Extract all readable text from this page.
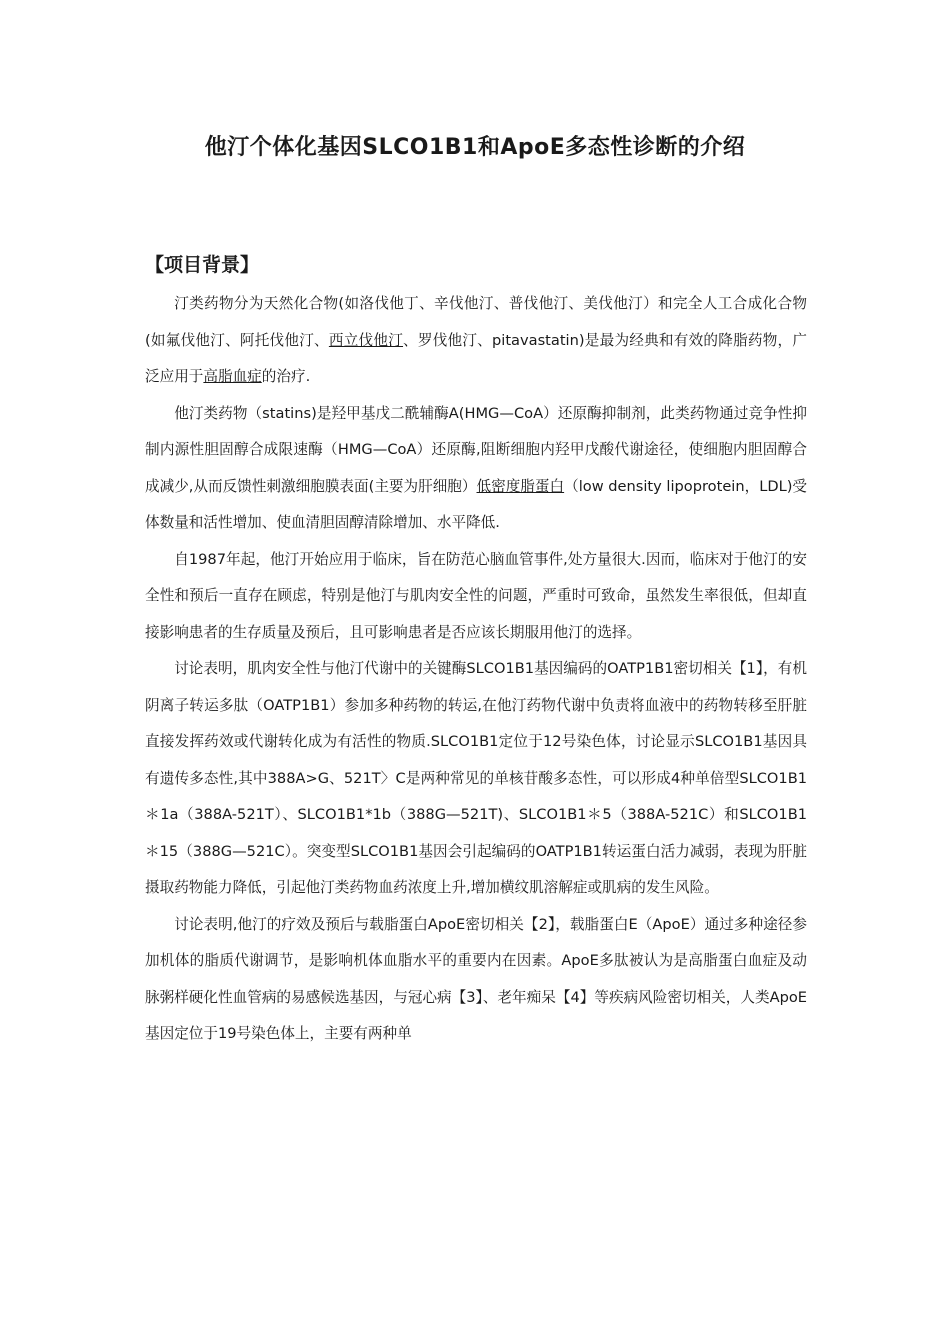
他汀个体化基因SLCO1B1和ApoE多态性诊断的介绍
【项目背景】

汀类药物分为天然化合物(如洛伐他丁、辛伐他汀、普伐他汀、美伐他汀）和完全人工合成化合物(如氟伐他汀、阿托伐他汀、西立伐他汀、罗伐他汀、pitavastatin)是最为经典和有效的降脂药物，广泛应用于高脂血症的治疗.

他汀类药物（statins)是羟甲基戊二酰辅酶A(HMG—CoA）还原酶抑制剂，此类药物通过竞争性抑制内源性胆固醇合成限速酶（HMG—CoA）还原酶,阻断细胞内羟甲戊酸代谢途径，使细胞内胆固醇合成减少,从而反馈性刺激细胞膜表面(主要为肝细胞）低密度脂蛋白（low density lipoprotein，LDL)受体数量和活性增加、使血清胆固醇清除增加、水平降低.

自1987年起，他汀开始应用于临床，旨在防范心脑血管事件,处方量很大.因而，临床对于他汀的安全性和预后一直存在顾虑，特别是他汀与肌肉安全性的问题，严重时可致命，虽然发生率很低，但却直接影响患者的生存质量及预后，且可影响患者是否应该长期服用他汀的选择。

讨论表明，肌肉安全性与他汀代谢中的关键酶SLCO1B1基因编码的OATP1B1密切相关【1】，有机阴离子转运多肽（OATP1B1）参加多种药物的转运,在他汀药物代谢中负责将血液中的药物转移至肝脏直接发挥药效或代谢转化成为有活性的物质.SLCO1B1定位于12号染色体，讨论显示SLCO1B1基因具有遗传多态性,其中388A>G、521T〉C是两种常见的单核苷酸多态性，可以形成4种单倍型SLCO1B1＊1a（388A-521T）、SLCO1B1*1b（388G—521T)、SLCO1B1＊5（388A-521C）和SLCO1B1＊15（388G—521C）。突变型SLCO1B1基因会引起编码的OATP1B1转运蛋白活力减弱，表现为肝脏摄取药物能力降低，引起他汀类药物血药浓度上升,增加横纹肌溶解症或肌病的发生风险。

讨论表明,他汀的疗效及预后与载脂蛋白ApoE密切相关【2】，载脂蛋白E（ApoE）通过多种途径参加机体的脂质代谢调节，是影响机体血脂水平的重要内在因素。ApoE多肽被认为是高脂蛋白血症及动脉粥样硬化性血管病的易感候选基因，与冠心病【3】、老年痴呆【4】等疾病风险密切相关，人类ApoE基因定位于19号染色体上，主要有两种单
